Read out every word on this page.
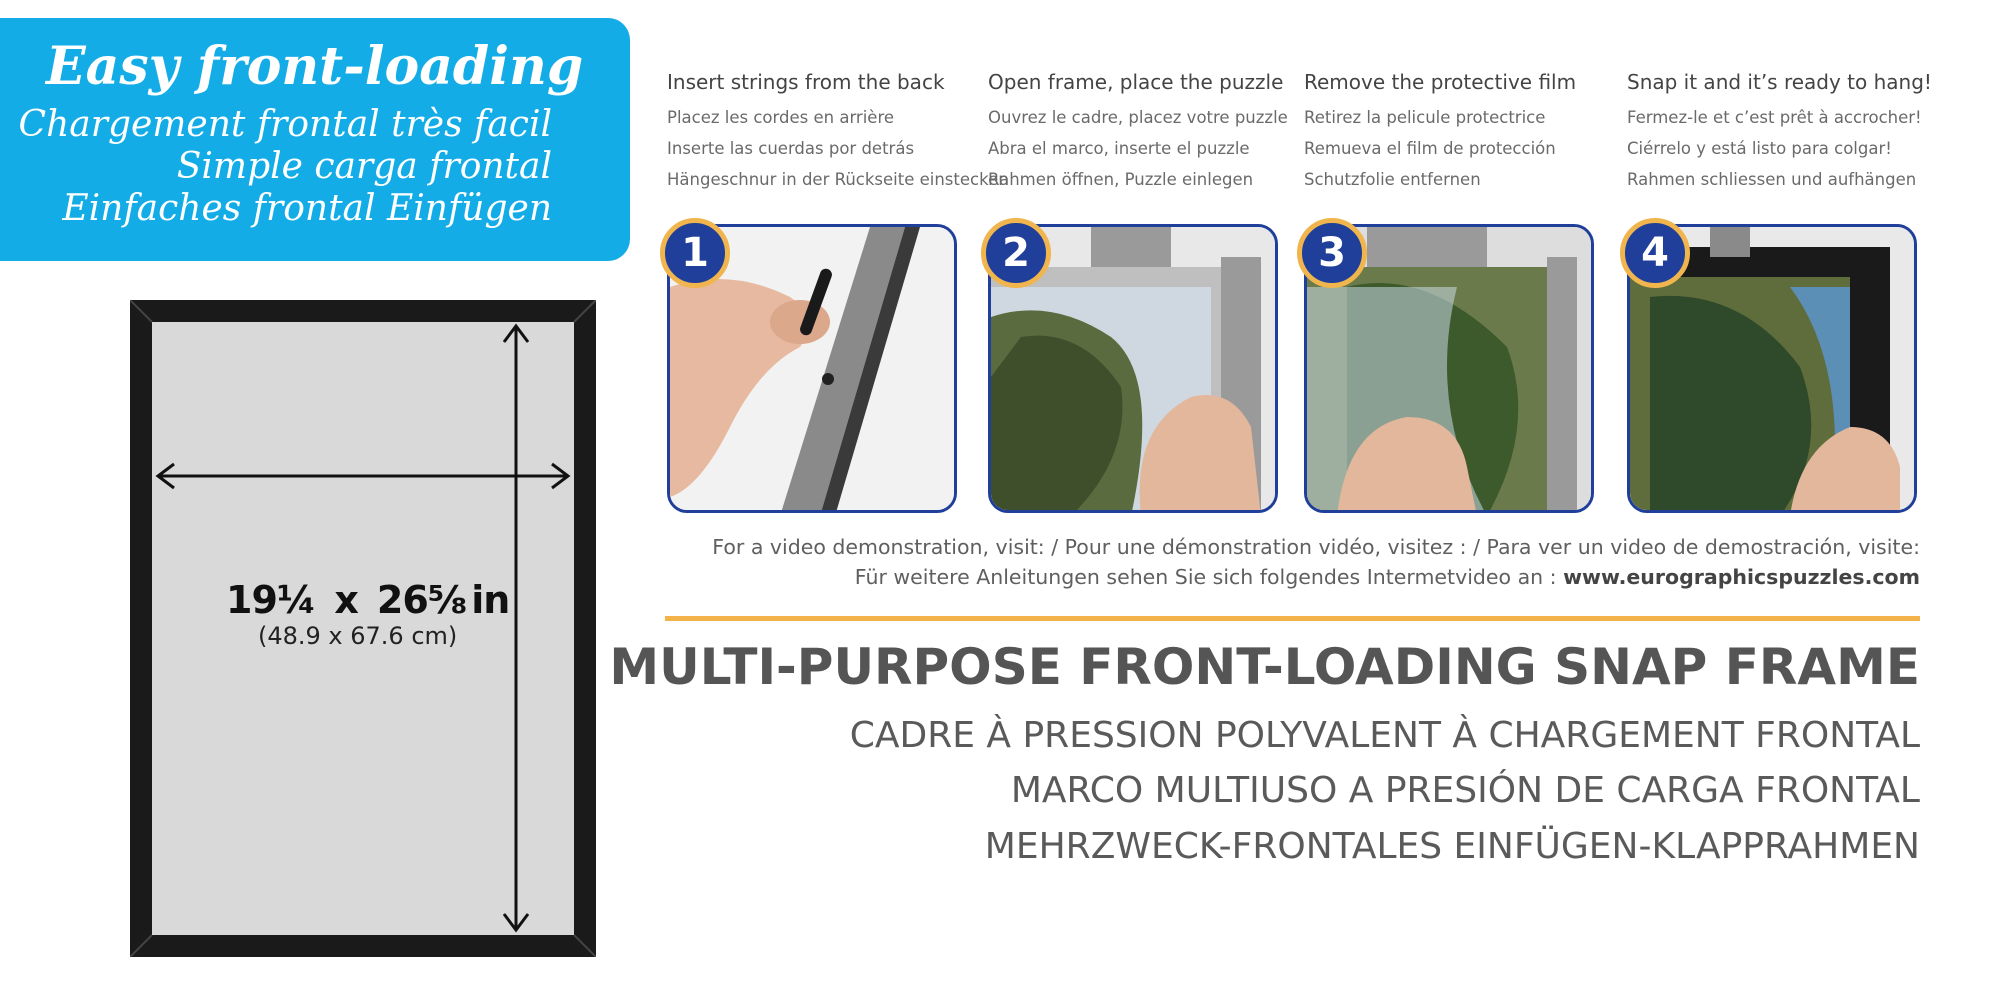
Easy front-loading
Chargement frontal très facil
Simple carga frontal
Einfaches frontal Einfügen
19¼ x 26⅝ in
(48.9 x 67.6 cm)
Insert strings from the back
Placez les cordes en arrière
Inserte las cuerdas por detrás
Hängeschnur in der Rückseite einstecken
Open frame, place the puzzle
Ouvrez le cadre, placez votre puzzle
Abra el marco, inserte el puzzle
Rahmen öffnen, Puzzle einlegen
Remove the protective film
Retirez la pelicule protectrice
Remueva el film de protección
Schutzfolie entfernen
Snap it and it’s ready to hang!
Fermez-le et c’est prêt à accrocher!
Ciérrelo y está listo para colgar!
Rahmen schliessen und aufhängen
1	2	3	4
For a video demonstration, visit: / Pour une démonstration vidéo, visitez : / Para ver un video de demostración, visite:
Für weitere Anleitungen sehen Sie sich folgendes Intermetvideo an : www.eurographicspuzzles.com
MULTI-PURPOSE FRONT-LOADING SNAP FRAME
CADRE À PRESSION POLYVALENT À CHARGEMENT FRONTAL
MARCO MULTIUSO A PRESIÓN DE CARGA FRONTAL
MEHRZWECK-FRONTALES EINFÜGEN-KLAPPRAHMEN
